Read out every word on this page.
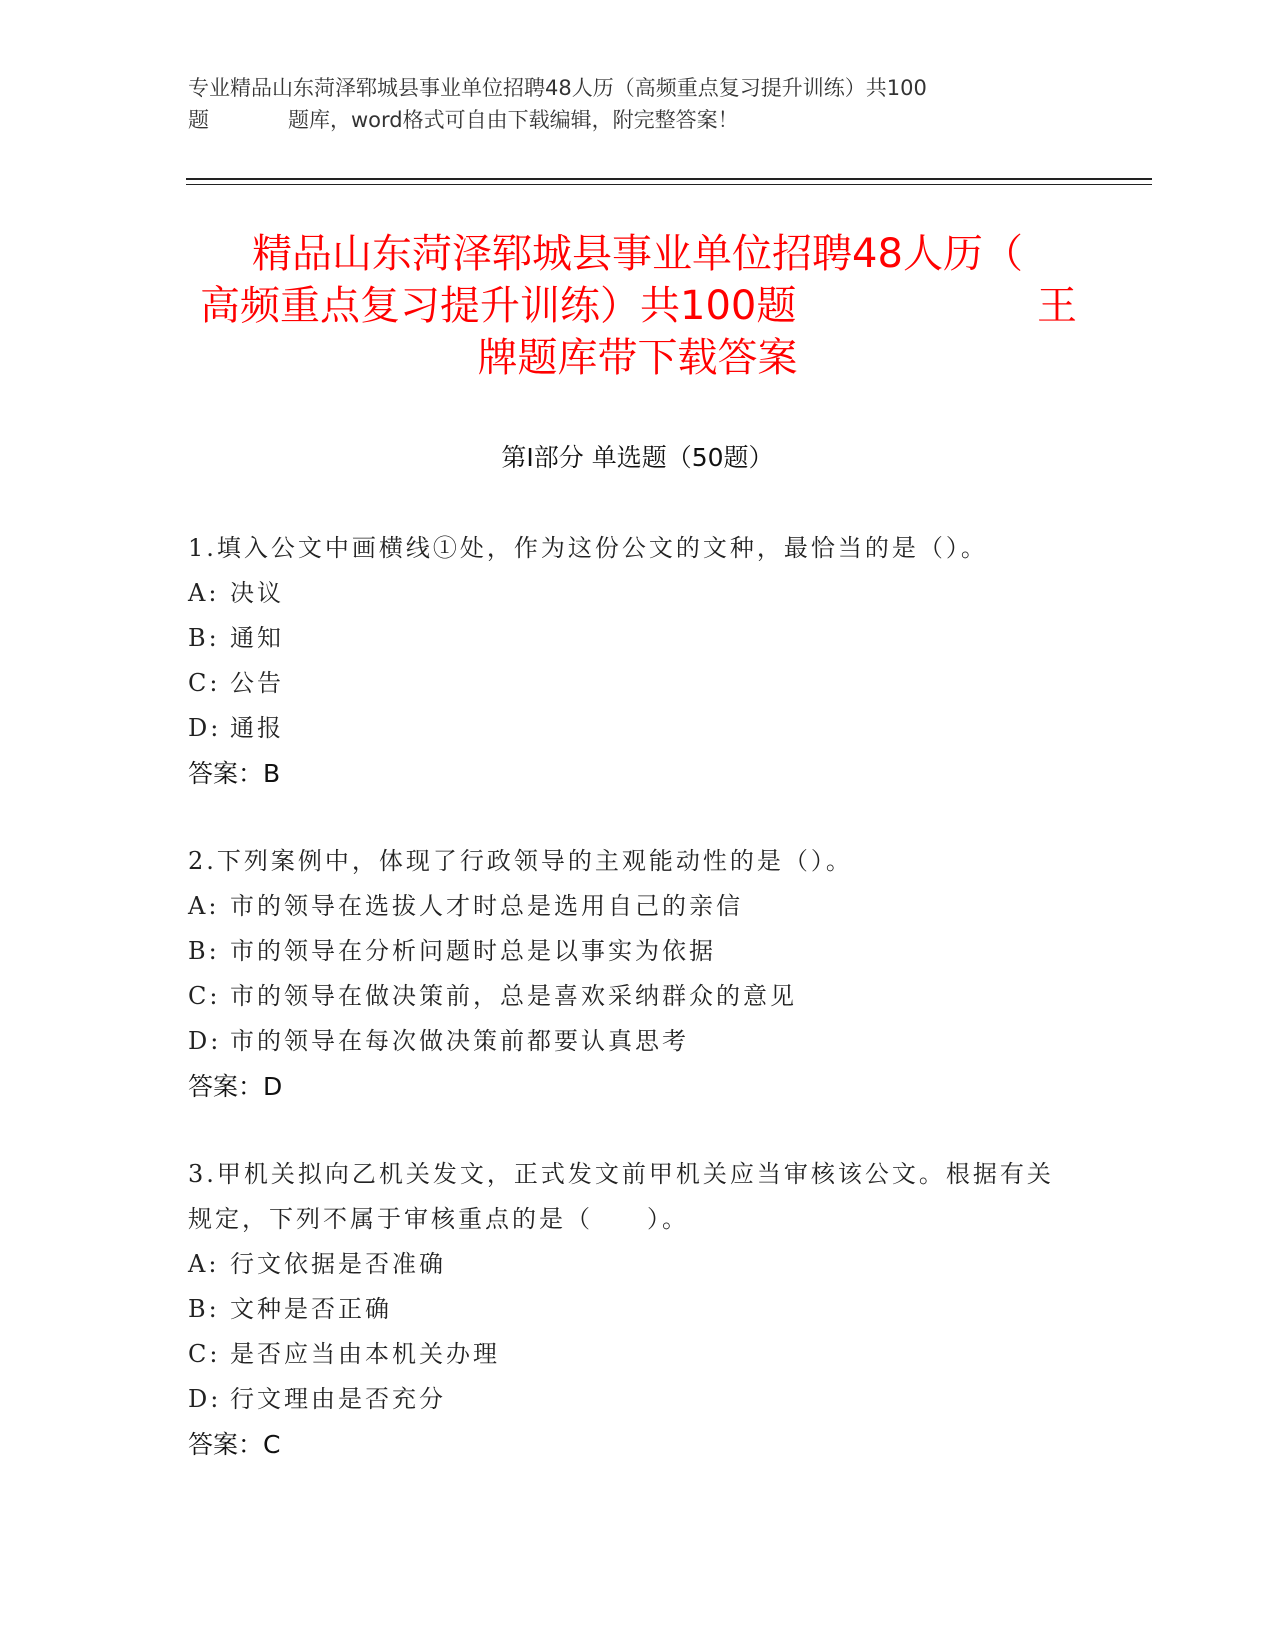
专业精品山东菏泽郓城县事业单位招聘48人历（高频重点复习提升训练）共100
题	题库，word格式可自由下载编辑，附完整答案！
精品山东菏泽郓城县事业单位招聘48人历（
高频重点复习提升训练）共100题	王
牌题库带下载答案
第Ⅰ部分 单选题（50题）
1.填入公文中画横线①处，作为这份公文的文种，最恰当的是（）。
A: 决议
B: 通知
C: 公告
D: 通报
答案：B
2.下列案例中，体现了行政领导的主观能动性的是（）。
A: 市的领导在选拔人才时总是选用自己的亲信
B: 市的领导在分析问题时总是以事实为依据
C: 市的领导在做决策前，总是喜欢采纳群众的意见
D: 市的领导在每次做决策前都要认真思考
答案：D
3.甲机关拟向乙机关发文，正式发文前甲机关应当审核该公文。根据有关规定，下列不属于审核重点的是（　　）。
A: 行文依据是否准确
B: 文种是否正确
C: 是否应当由本机关办理
D: 行文理由是否充分
答案：C
